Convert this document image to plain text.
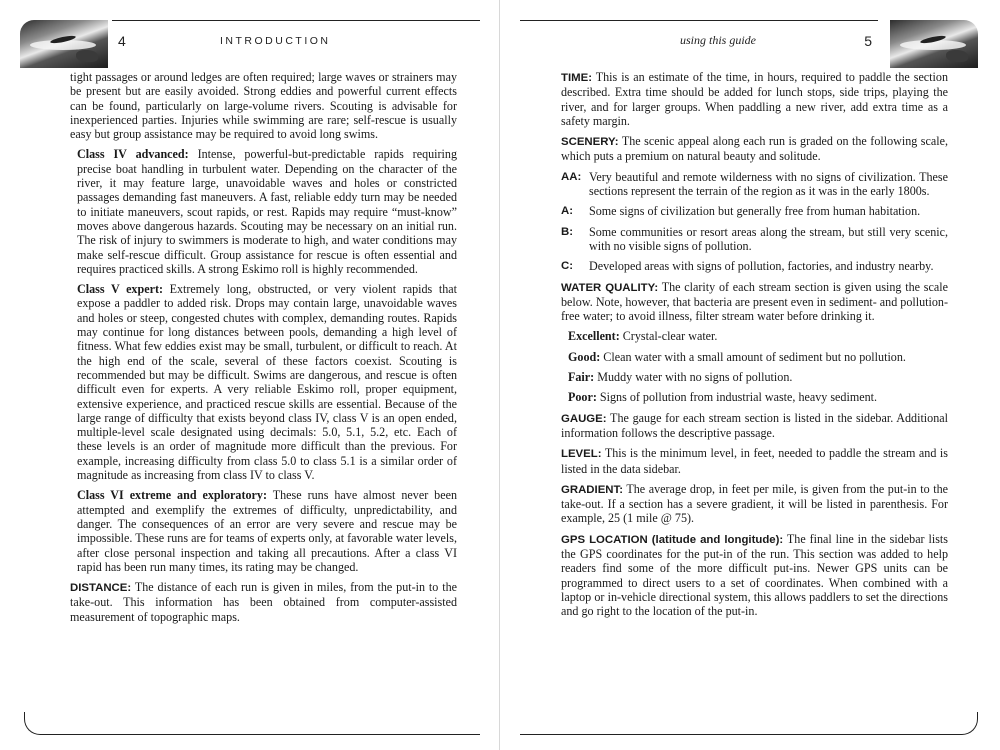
4	INTRODUCTION

tight passages or around ledges are often required; large waves or strainers may be present but are easily avoided. Strong eddies and powerful current effects can be found, particularly on large-volume rivers. Scouting is advisable for inexperienced parties. Injuries while swimming are rare; self-rescue is usually easy but group assistance may be required to avoid long swims.

Class IV advanced: Intense, powerful-but-predictable rapids requiring precise boat handling in turbulent water. Depending on the character of the river, it may feature large, unavoidable waves and holes or constricted passages demanding fast maneuvers. A fast, reliable eddy turn may be needed to initiate maneuvers, scout rapids, or rest. Rapids may require “must-know” moves above dangerous hazards. Scouting may be necessary on an initial run. The risk of injury to swimmers is moderate to high, and water conditions may make self-rescue difficult. Group assistance for rescue is often essential and requires practiced skills. A strong Eskimo roll is highly recommended.

Class V expert: Extremely long, obstructed, or very violent rapids that expose a paddler to added risk. Drops may contain large, unavoidable waves and holes or steep, congested chutes with complex, demanding routes. Rapids may continue for long distances between pools, demanding a high level of fitness. What few eddies exist may be small, turbulent, or difficult to reach. At the high end of the scale, several of these factors coexist. Scouting is recommended but may be difficult. Swims are dangerous, and rescue is often difficult even for experts. A very reliable Eskimo roll, proper equipment, extensive experience, and practiced rescue skills are essential. Because of the large range of difficulty that exists beyond class IV, class V is an open ended, multiple-level scale designated using decimals: 5.0, 5.1, 5.2, etc. Each of these levels is an order of magnitude more difficult than the previous. For example, increasing difficulty from class 5.0 to class 5.1 is a similar order of magnitude as increasing from class IV to class V.

Class VI extreme and exploratory: These runs have almost never been attempted and exemplify the extremes of difficulty, unpredictability, and danger. The consequences of an error are very severe and rescue may be impossible. These runs are for teams of experts only, at favorable water levels, after close personal inspection and taking all precautions. After a class VI rapid has been run many times, its rating may be changed.

DISTANCE: The distance of each run is given in miles, from the put-in to the take-out. This information has been obtained from computer-assisted measurement of topographic maps.

using this guide	5

TIME: This is an estimate of the time, in hours, required to paddle the section described. Extra time should be added for lunch stops, side trips, playing the river, and for larger groups. When paddling a new river, add extra time as a safety margin.

SCENERY: The scenic appeal along each run is graded on the following scale, which puts a premium on natural beauty and solitude.

AA: Very beautiful and remote wilderness with no signs of civilization. These sections represent the terrain of the region as it was in the early 1800s.
A:	Some signs of civilization but generally free from human habitation.
B:	Some communities or resort areas along the stream, but still very scenic, with no visible signs of pollution.
C:	Developed areas with signs of pollution, factories, and industry nearby.

WATER QUALITY: The clarity of each stream section is given using the scale below. Note, however, that bacteria are present even in sediment- and pollution-free water; to avoid illness, filter stream water before drinking it.

Excellent: Crystal-clear water.

Good: Clean water with a small amount of sediment but no pollution.

Fair: Muddy water with no signs of pollution.

Poor: Signs of pollution from industrial waste, heavy sediment.

GAUGE: The gauge for each stream section is listed in the sidebar. Additional information follows the descriptive passage.

LEVEL: This is the minimum level, in feet, needed to paddle the stream and is listed in the data sidebar.

GRADIENT: The average drop, in feet per mile, is given from the put-in to the take-out. If a section has a severe gradient, it will be listed in parenthesis. For example, 25 (1 mile @ 75).

GPS LOCATION (latitude and longitude): The final line in the sidebar lists the GPS coordinates for the put-in of the run. This section was added to help readers find some of the more difficult put-ins. Newer GPS units can be programmed to direct users to a set of coordinates. When combined with a laptop or in-vehicle directional system, this allows paddlers to set the directions and go right to the location of the put-in.
